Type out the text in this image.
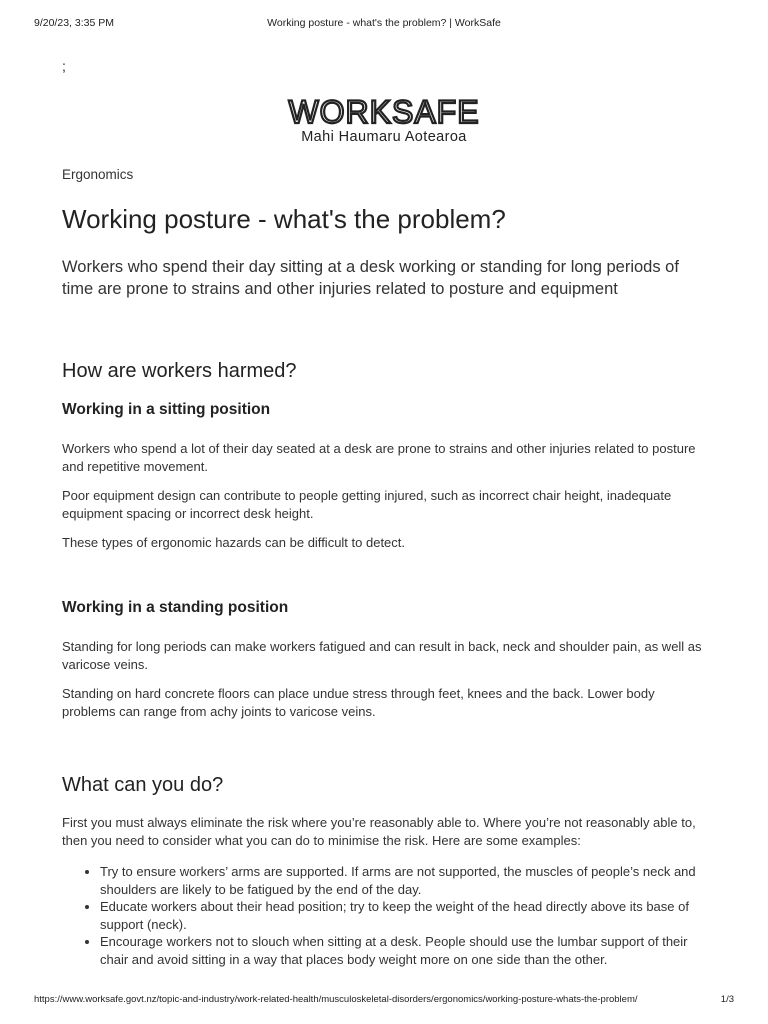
9/20/23, 3:35 PM	Working posture - what's the problem? | WorkSafe
;
WORKSAFE
Mahi Haumaru Aotearoa
Ergonomics
Working posture - what's the problem?

Workers who spend their day sitting at a desk working or standing for long periods of time are prone to strains and other injuries related to posture and equipment

How are workers harmed?
Working in a sitting position

Workers who spend a lot of their day seated at a desk are prone to strains and other injuries related to posture and repetitive movement.

Poor equipment design can contribute to people getting injured, such as incorrect chair height, inadequate equipment spacing or incorrect desk height.

These types of ergonomic hazards can be difficult to detect.

Working in a standing position

Standing for long periods can make workers fatigued and can result in back, neck and shoulder pain, as well as varicose veins.

Standing on hard concrete floors can place undue stress through feet, knees and the back. Lower body problems can range from achy joints to varicose veins.

What can you do?

First you must always eliminate the risk where you’re reasonably able to. Where you’re not reasonably able to, then you need to consider what you can do to minimise the risk. Here are some examples:

• Try to ensure workers’ arms are supported. If arms are not supported, the muscles of people’s neck and shoulders are likely to be fatigued by the end of the day.
• Educate workers about their head position; try to keep the weight of the head directly above its base of support (neck).
• Encourage workers not to slouch when sitting at a desk. People should use the lumbar support of their chair and avoid sitting in a way that places body weight more on one side than the other.
https://www.worksafe.govt.nz/topic-and-industry/work-related-health/musculoskeletal-disorders/ergonomics/working-posture-whats-the-problem/	1/3
